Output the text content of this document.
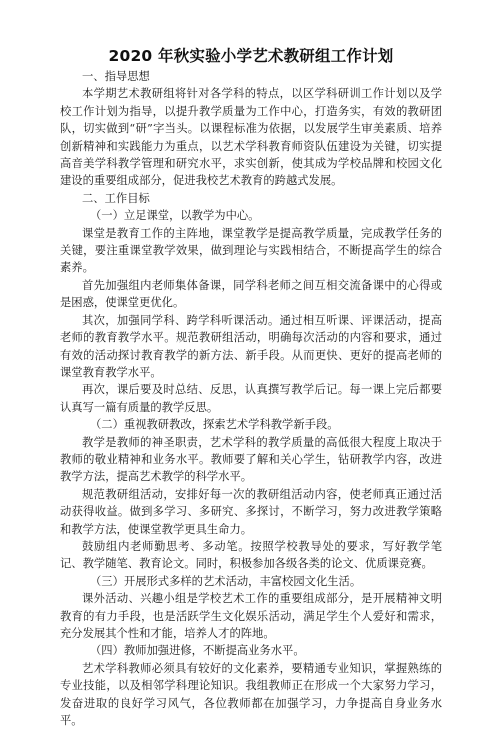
2020 年秋实验小学艺术教研组工作计划

一、指导思想

本学期艺术教研组将针对各学科的特点，以区学科研训工作计划以及学校工作计划为指导，以提升教学质量为工作中心，打造务实，有效的教研团队，切实做到“研”字当头。以课程标准为依据，以发展学生审美素质、培养创新精神和实践能力为重点，以艺术学科教育师资队伍建设为关键，切实提高音美学科教学管理和研究水平，求实创新，使其成为学校品牌和校园文化建设的重要组成部分，促进我校艺术教育的跨越式发展。

二、工作目标

（一）立足课堂，以教学为中心。

课堂是教育工作的主阵地，课堂教学是提高教学质量，完成教学任务的关键，要注重课堂教学效果，做到理论与实践相结合，不断提高学生的综合素养。

首先加强组内老师集体备课，同学科老师之间互相交流备课中的心得或是困惑，使课堂更优化。

其次，加强同学科、跨学科听课活动。通过相互听课、评课活动，提高老师的教育教学水平。规范教研组活动，明确每次活动的内容和要求，通过有效的活动探讨教育教学的新方法、新手段。从而更快、更好的提高老师的课堂教育教学水平。

再次，课后要及时总结、反思，认真撰写教学后记。每一课上完后都要认真写一篇有质量的教学反思。

（二）重视教研教改，探索艺术学科教学新手段。

教学是教师的神圣职责，艺术学科的教学质量的高低很大程度上取决于教师的敬业精神和业务水平。教师要了解和关心学生，钻研教学内容，改进教学方法，提高艺术教学的科学水平。

规范教研组活动，安排好每一次的教研组活动内容，使老师真正通过活动获得收益。做到多学习、多研究、多探讨，不断学习，努力改进教学策略和教学方法，使课堂教学更具生命力。

鼓励组内老师勤思考、多动笔。按照学校教导处的要求，写好教学笔记、教学随笔、教育论文。同时，积极参加各级各类的论文、优质课竞赛。

（三）开展形式多样的艺术活动，丰富校园文化生活。

课外活动、兴趣小组是学校艺术工作的重要组成部分，是开展精神文明教育的有力手段，也是活跃学生文化娱乐活动，满足学生个人爱好和需求，充分发展其个性和才能，培养人才的阵地。

（四）教师加强进修，不断提高业务水平。

艺术学科教师必须具有较好的文化素养，要精通专业知识，掌握熟练的专业技能，以及相邻学科理论知识。我组教师正在形成一个大家努力学习，发奋进取的良好学习风气，各位教师都在加强学习，力争提高自身业务水平。
